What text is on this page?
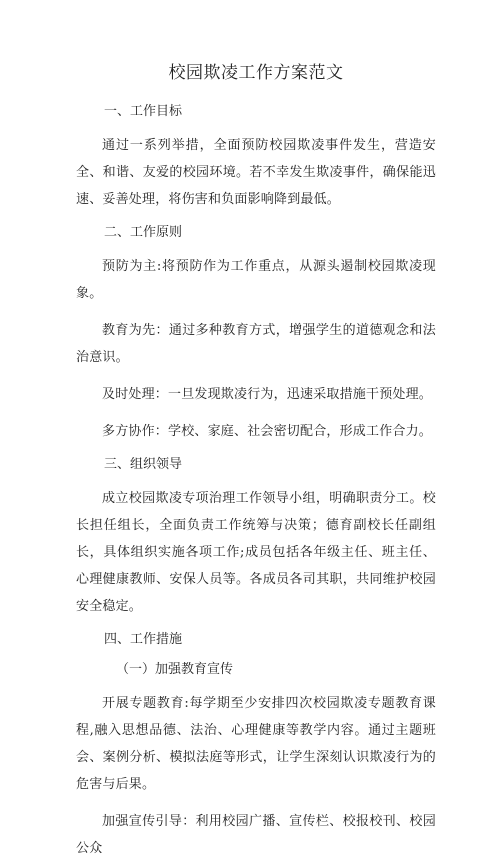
校园欺凌工作方案范文
一、工作目标

通过一系列举措，全面预防校园欺凌事件发生，营造安全、和谐、友爱的校园环境。若不幸发生欺凌事件，确保能迅速、妥善处理，将伤害和负面影响降到最低。

二、工作原则

预防为主:将预防作为工作重点，从源头遏制校园欺凌现象。

教育为先：通过多种教育方式，增强学生的道德观念和法治意识。

及时处理：一旦发现欺凌行为，迅速采取措施干预处理。

多方协作：学校、家庭、社会密切配合，形成工作合力。

三、组织领导

成立校园欺凌专项治理工作领导小组，明确职责分工。校长担任组长，全面负责工作统筹与决策；德育副校长任副组长，具体组织实施各项工作;成员包括各年级主任、班主任、心理健康教师、安保人员等。各成员各司其职，共同维护校园安全稳定。

四、工作措施
（一）加强教育宣传

开展专题教育:每学期至少安排四次校园欺凌专题教育课程,融入思想品德、法治、心理健康等教学内容。通过主题班会、案例分析、模拟法庭等形式，让学生深刻认识欺凌行为的危害与后果。

加强宣传引导：利用校园广播、宣传栏、校报校刊、校园公众
